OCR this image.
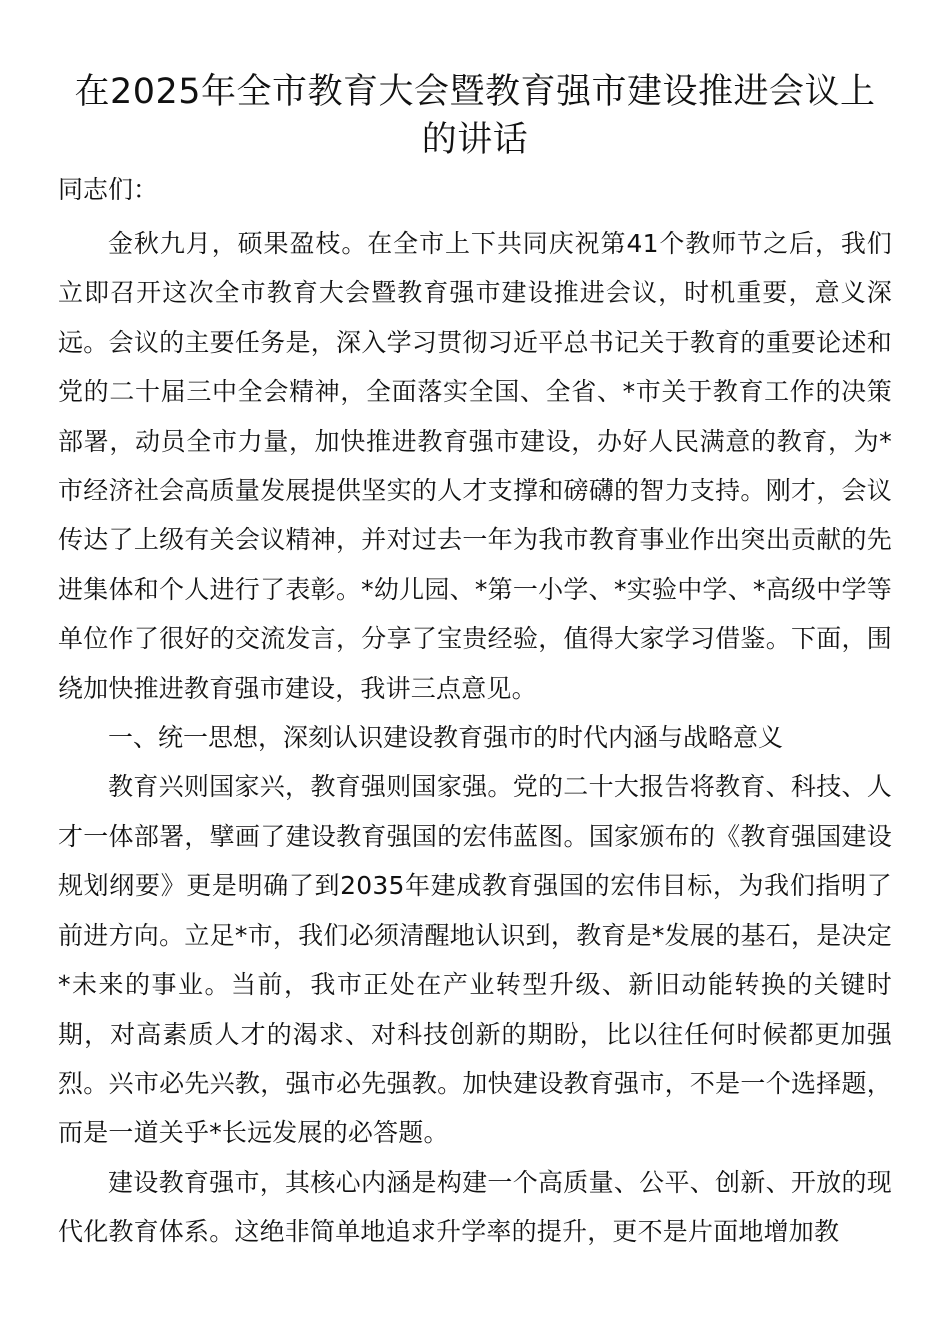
在2025年全市教育大会暨教育强市建设推进会议上的讲话

同志们：

金秋九月，硕果盈枝。在全市上下共同庆祝第41个教师节之后，我们立即召开这次全市教育大会暨教育强市建设推进会议，时机重要，意义深远。会议的主要任务是，深入学习贯彻习近平总书记关于教育的重要论述和党的二十届三中全会精神，全面落实全国、全省、*市关于教育工作的决策部署，动员全市力量，加快推进教育强市建设，办好人民满意的教育，为*市经济社会高质量发展提供坚实的人才支撑和磅礴的智力支持。刚才，会议传达了上级有关会议精神，并对过去一年为我市教育事业作出突出贡献的先进集体和个人进行了表彰。*幼儿园、*第一小学、*实验中学、*高级中学等单位作了很好的交流发言，分享了宝贵经验，值得大家学习借鉴。下面，围绕加快推进教育强市建设，我讲三点意见。

一、统一思想，深刻认识建设教育强市的时代内涵与战略意义

教育兴则国家兴，教育强则国家强。党的二十大报告将教育、科技、人才一体部署，擘画了建设教育强国的宏伟蓝图。国家颁布的《教育强国建设规划纲要》更是明确了到2035年建成教育强国的宏伟目标，为我们指明了前进方向。立足*市，我们必须清醒地认识到，教育是*发展的基石，是决定*未来的事业。当前，我市正处在产业转型升级、新旧动能转换的关键时期，对高素质人才的渴求、对科技创新的期盼，比以往任何时候都更加强烈。兴市必先兴教，强市必先强教。加快建设教育强市，不是一个选择题，而是一道关乎*长远发展的必答题。

建设教育强市，其核心内涵是构建一个高质量、公平、创新、开放的现代化教育体系。这绝非简单地追求升学率的提升，更不是片面地增加教
